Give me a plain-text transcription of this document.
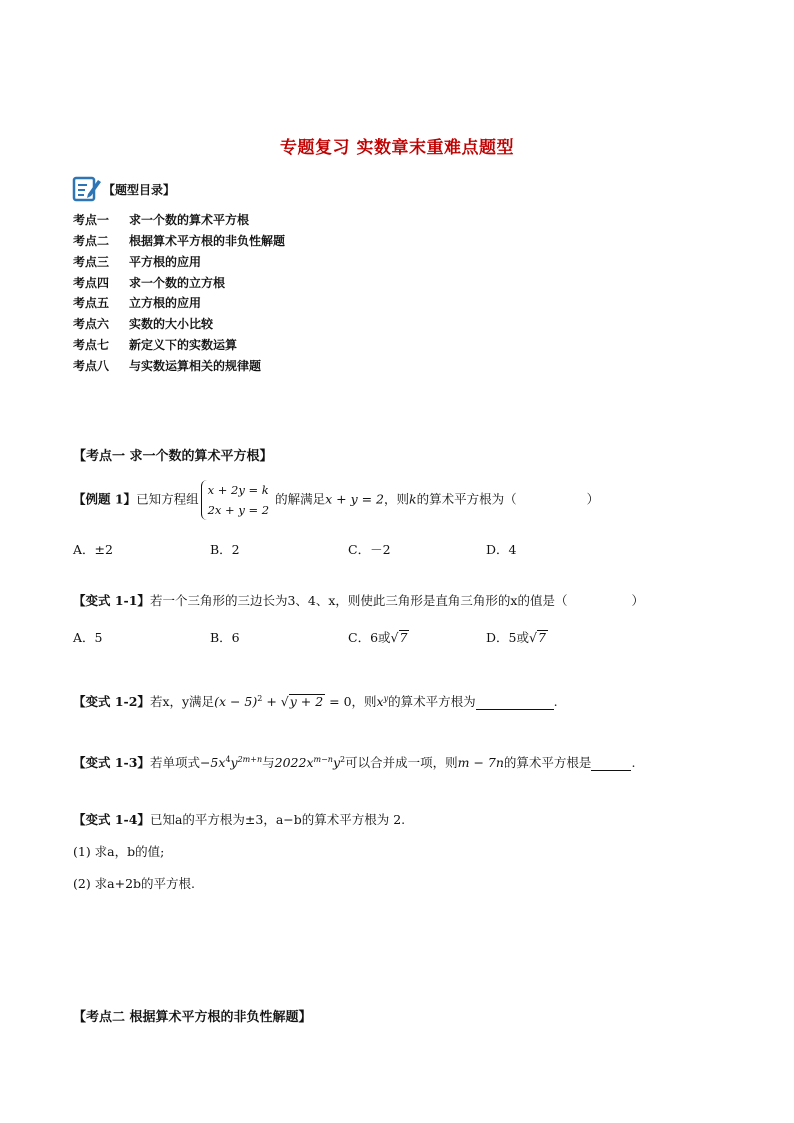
专题复习 实数章末重难点题型
【题型目录】
考点一 求一个数的算术平方根
考点二 根据算术平方根的非负性解题
考点三 平方根的应用
考点四 求一个数的立方根
考点五 立方根的应用
考点六 实数的大小比较
考点七 新定义下的实数运算
考点八 与实数运算相关的规律题
【考点一 求一个数的算术平方根】
【例题 1】已知方程组x + 2y = k
2x + y = 2的解满足x + y = 2，则k的算术平方根为（	）
A．±2	B．2	C．－2	D．4
【变式 1-1】若一个三角形的三边长为3、4、x，则使此三角形是直角三角形的x的值是（	）
A．5	B．6	C．6或√7	D．5或√7
【变式 1-2】若x，y满足$(x - 5)^2 + √y + 2 = 0$，则$x^y$的算术平方根为	.
【变式 1-3】若单项式$-5x^4y^{2m+n}$与$2022x^{m-n}y^2$可以合并成一项，则m − 7n的算术平方根是	.
【变式 1-4】已知a的平方根为±3，a−b的算术平方根为 2.
(1) 求a，b的值;
(2) 求a+2b的平方根.
【考点二 根据算术平方根的非负性解题】
